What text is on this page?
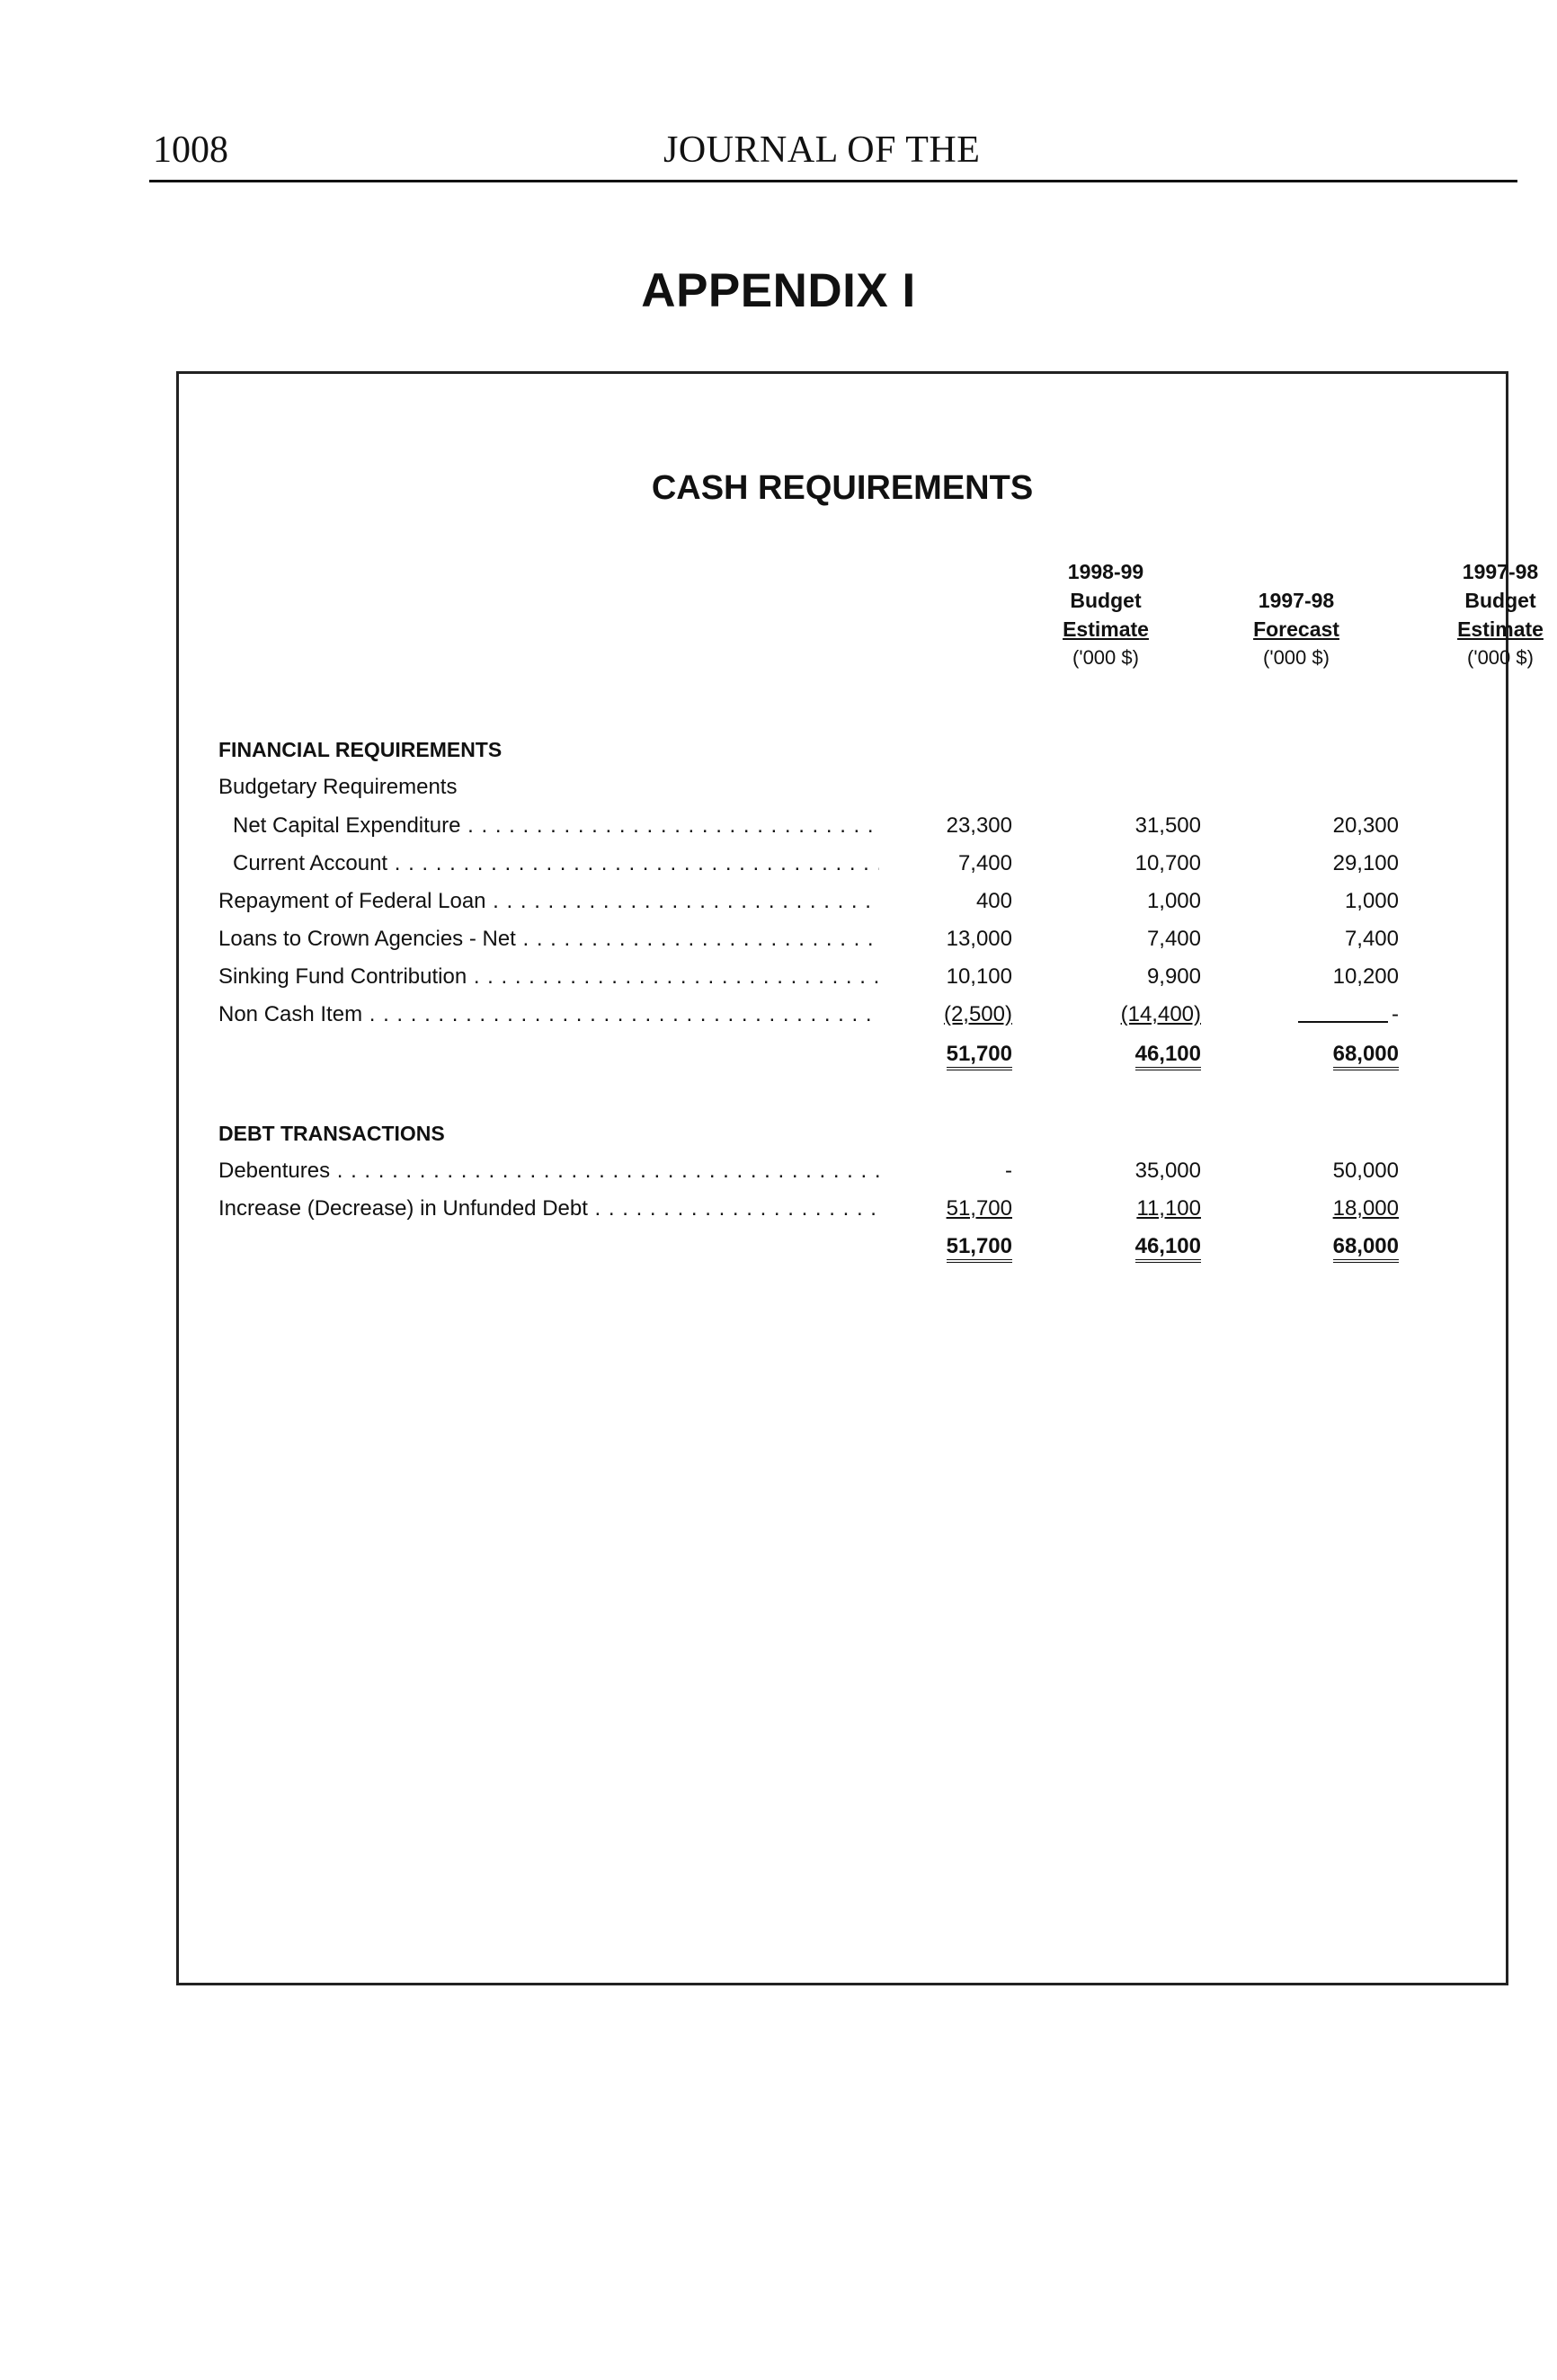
1008	JOURNAL OF THE
APPENDIX I
CASH REQUIREMENTS
1998-99
Budget
Estimate
('000 $)
1997-98
Forecast
('000 $)
1997-98
Budget
Estimate
('000 $)
FINANCIAL REQUIREMENTS
Budgetary Requirements
Net Capital Expenditure . . .	23,300	31,500	20,300
Current Account . . .	7,400	10,700	29,100
Repayment of Federal Loan . . .	400	1,000	1,000
Loans to Crown Agencies - Net . . .	13,000	7,400	7,400
Sinking Fund Contribution . . .	10,100	9,900	10,200
Non Cash Item . . .	(2,500)	(14,400)	-
51,700	46,100	68,000
DEBT TRANSACTIONS
Debentures . . .	-	35,000	50,000
Increase (Decrease) in Unfunded Debt . . .	51,700	11,100	18,000
51,700	46,100	68,000
